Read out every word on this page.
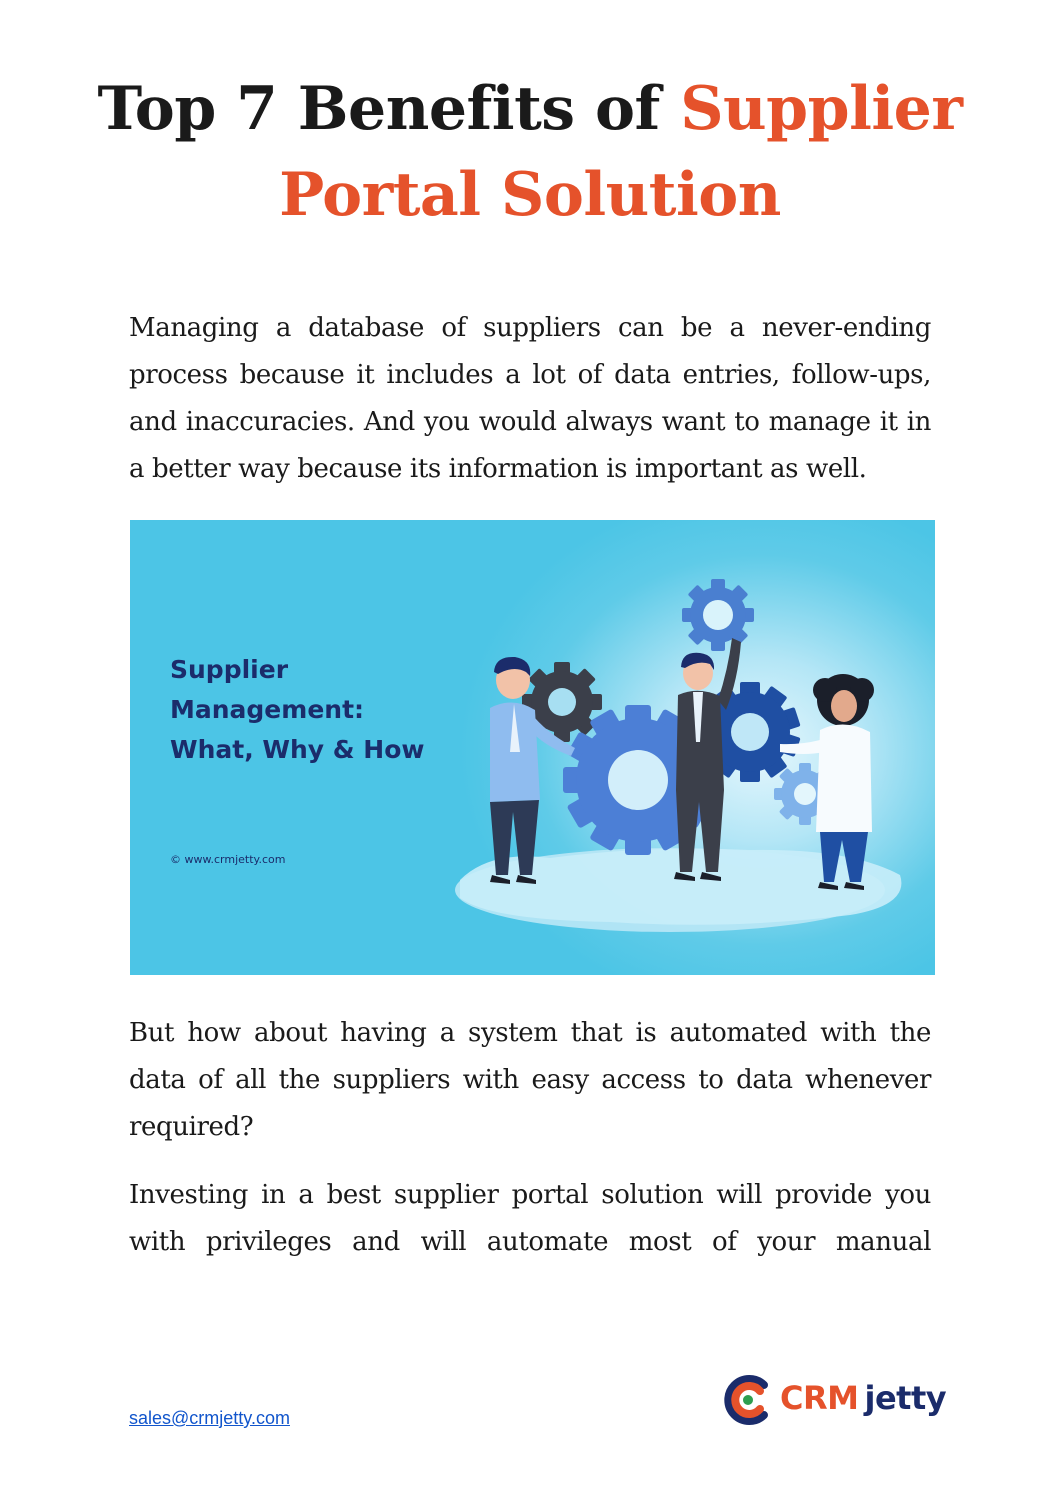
Top 7 Benefits of Supplier
Portal Solution

Managing a database of suppliers can be a never-ending process because it includes a lot of data entries, follow-ups, and inaccuracies. And you would always want to manage it in a better way because its information is important as well.

Supplier
Management:
What, Why & How
© www.crmjetty.com

But how about having a system that is automated with the data of all the suppliers with easy access to data whenever required?

Investing in a best supplier portal solution will provide you with privileges and will automate most of your manual

sales@crmjetty.com
CRM jetty
